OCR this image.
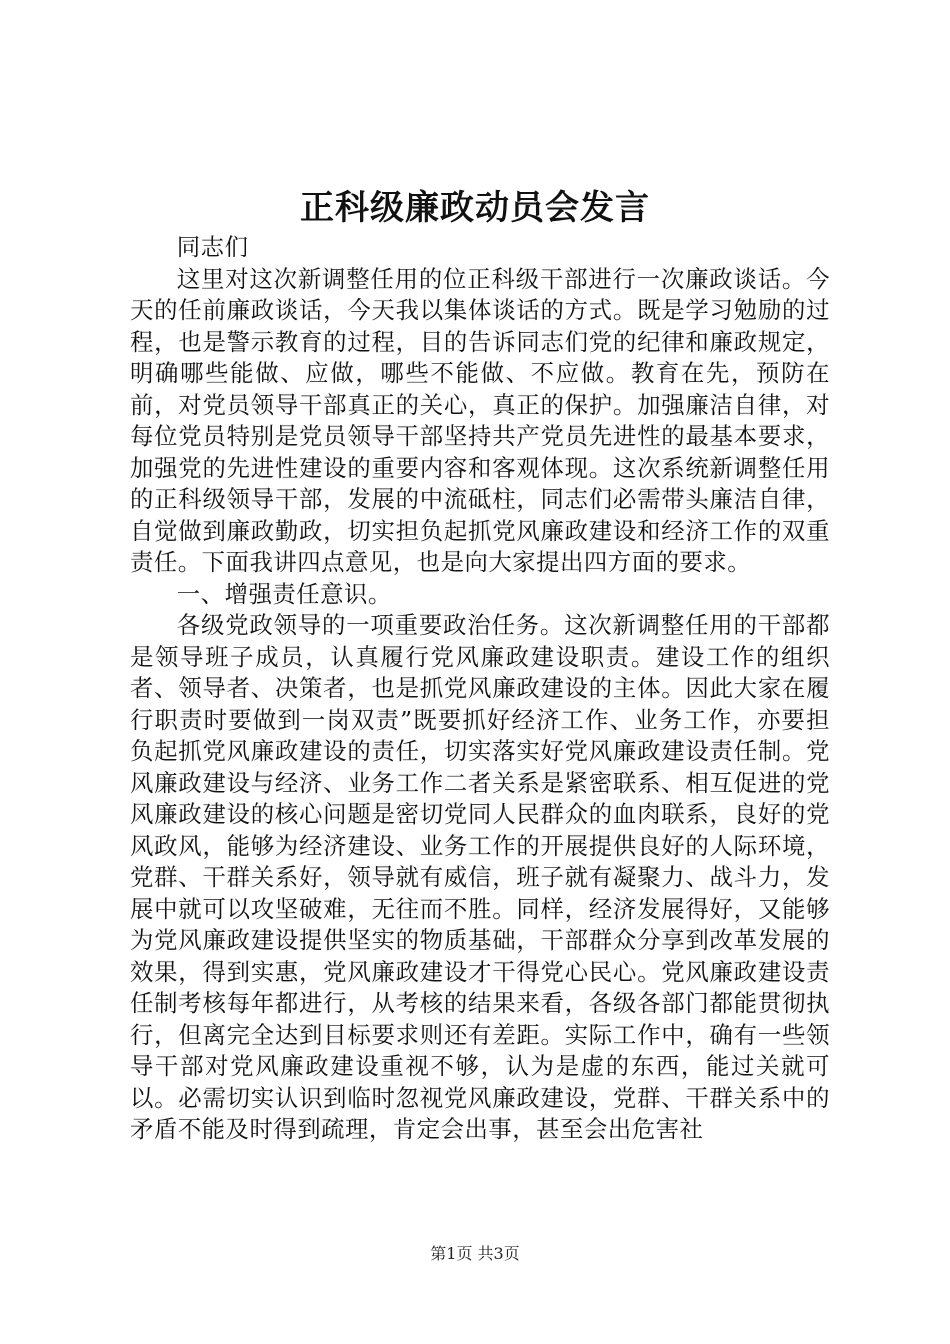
正科级廉政动员会发言

同志们

这里对这次新调整任用的位正科级干部进行一次廉政谈话。今天的任前廉政谈话，今天我以集体谈话的方式。既是学习勉励的过程，也是警示教育的过程，目的告诉同志们党的纪律和廉政规定，明确哪些能做、应做，哪些不能做、不应做。教育在先，预防在前，对党员领导干部真正的关心，真正的保护。加强廉洁自律，对每位党员特别是党员领导干部坚持共产党员先进性的最基本要求，加强党的先进性建设的重要内容和客观体现。这次系统新调整任用的正科级领导干部，发展的中流砥柱，同志们必需带头廉洁自律，自觉做到廉政勤政，切实担负起抓党风廉政建设和经济工作的双重责任。下面我讲四点意见，也是向大家提出四方面的要求。

一、增强责任意识。

各级党政领导的一项重要政治任务。这次新调整任用的干部都是领导班子成员，认真履行党风廉政建设职责。建设工作的组织者、领导者、决策者，也是抓党风廉政建设的主体。因此大家在履行职责时要做到一岗双责”既要抓好经济工作、业务工作，亦要担负起抓党风廉政建设的责任，切实落实好党风廉政建设责任制。党风廉政建设与经济、业务工作二者关系是紧密联系、相互促进的党风廉政建设的核心问题是密切党同人民群众的血肉联系，良好的党风政风，能够为经济建设、业务工作的开展提供良好的人际环境，党群、干群关系好，领导就有威信，班子就有凝聚力、战斗力，发展中就可以攻坚破难，无往而不胜。同样，经济发展得好，又能够为党风廉政建设提供坚实的物质基础，干部群众分享到改革发展的效果，得到实惠，党风廉政建设才干得党心民心。党风廉政建设责任制考核每年都进行，从考核的结果来看，各级各部门都能贯彻执行，但离完全达到目标要求则还有差距。实际工作中，确有一些领导干部对党风廉政建设重视不够，认为是虚的东西，能过关就可以。必需切实认识到临时忽视党风廉政建设，党群、干群关系中的矛盾不能及时得到疏理，肯定会出事，甚至会出危害社

第1页 共3页
